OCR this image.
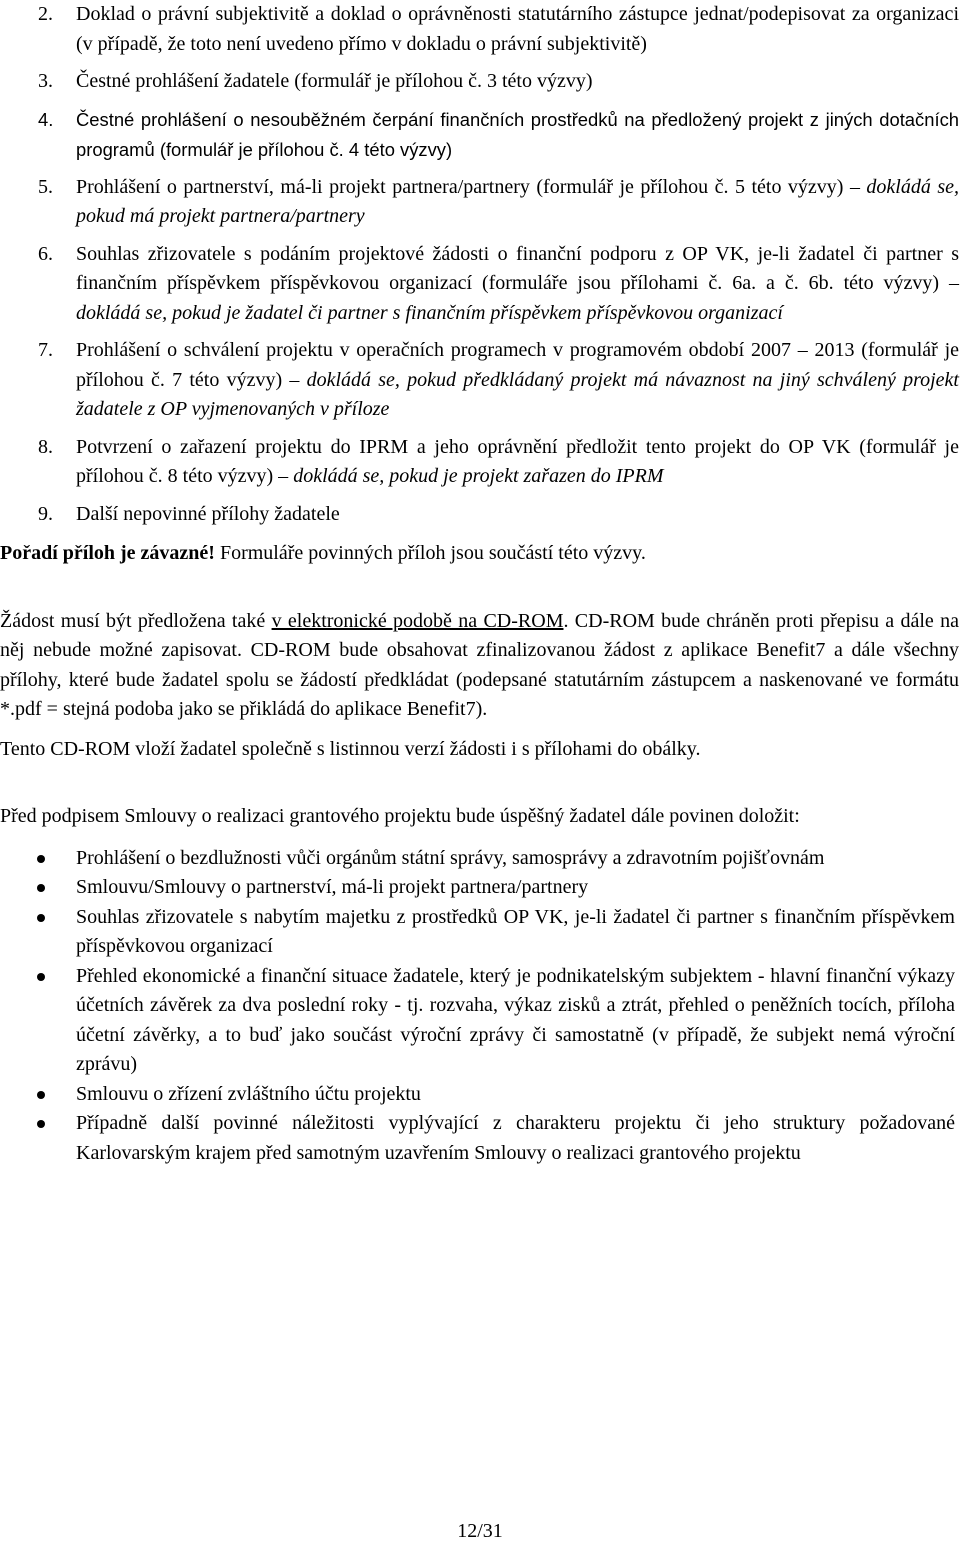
2. Doklad o právní subjektivitě a doklad o oprávněnosti statutárního zástupce jednat/podepisovat za organizaci (v případě, že toto není uvedeno přímo v dokladu o právní subjektivitě)
3. Čestné prohlášení žadatele (formulář je přílohou č. 3 této výzvy)
4. Čestné prohlášení o nesouběžném čerpání finančních prostředků na předložený projekt z jiných dotačních programů (formulář je přílohou č. 4 této výzvy)
5. Prohlášení o partnerství, má-li projekt partnera/partnery (formulář je přílohou č. 5 této výzvy) – dokládá se, pokud má projekt partnera/partnery
6. Souhlas zřizovatele s podáním projektové žádosti o finanční podporu z OP VK, je-li žadatel či partner s finančním příspěvkem příspěvkovou organizací (formuláře jsou přílohami č. 6a. a č. 6b. této výzvy) – dokládá se, pokud je žadatel či partner s finančním příspěvkem příspěvkovou organizací
7. Prohlášení o schválení projektu v operačních programech v programovém období 2007 – 2013 (formulář je přílohou č. 7 této výzvy) – dokládá se, pokud předkládaný projekt má návaznost na jiný schválený projekt žadatele z OP vyjmenovaných v příloze
8. Potvrzení o zařazení projektu do IPRM a jeho oprávnění předložit tento projekt do OP VK (formulář je přílohou č. 8 této výzvy) – dokládá se, pokud je projekt zařazen do IPRM
9. Další nepovinné přílohy žadatele

Pořadí příloh je závazné! Formuláře povinných příloh jsou součástí této výzvy.

Žádost musí být předložena také v elektronické podobě na CD-ROM. CD-ROM bude chráněn proti přepisu a dále na něj nebude možné zapisovat. CD-ROM bude obsahovat zfinalizovanou žádost z aplikace Benefit7 a dále všechny přílohy, které bude žadatel spolu se žádostí předkládat (podepsané statutárním zástupcem a naskenované ve formátu *.pdf = stejná podoba jako se přikládá do aplikace Benefit7).

Tento CD-ROM vloží žadatel společně s listinnou verzí žádosti i s přílohami do obálky.

Před podpisem Smlouvy o realizaci grantového projektu bude úspěšný žadatel dále povinen doložit:

Prohlášení o bezdlužnosti vůči orgánům státní správy, samosprávy a zdravotním pojišťovnám
Smlouvu/Smlouvy o partnerství, má-li projekt partnera/partnery
Souhlas zřizovatele s nabytím majetku z prostředků OP VK, je-li žadatel či partner s finančním příspěvkem příspěvkovou organizací
Přehled ekonomické a finanční situace žadatele, který je podnikatelským subjektem - hlavní finanční výkazy účetních závěrek za dva poslední roky - tj. rozvaha, výkaz zisků a ztrát, přehled o peněžních tocích, příloha účetní závěrky, a to buď jako součást výroční zprávy či samostatně (v případě, že subjekt nemá výroční zprávu)
Smlouvu o zřízení zvláštního účtu projektu
Případně další povinné náležitosti vyplývající z charakteru projektu či jeho struktury požadované Karlovarským krajem před samotným uzavřením Smlouvy o realizaci grantového projektu
12/31
